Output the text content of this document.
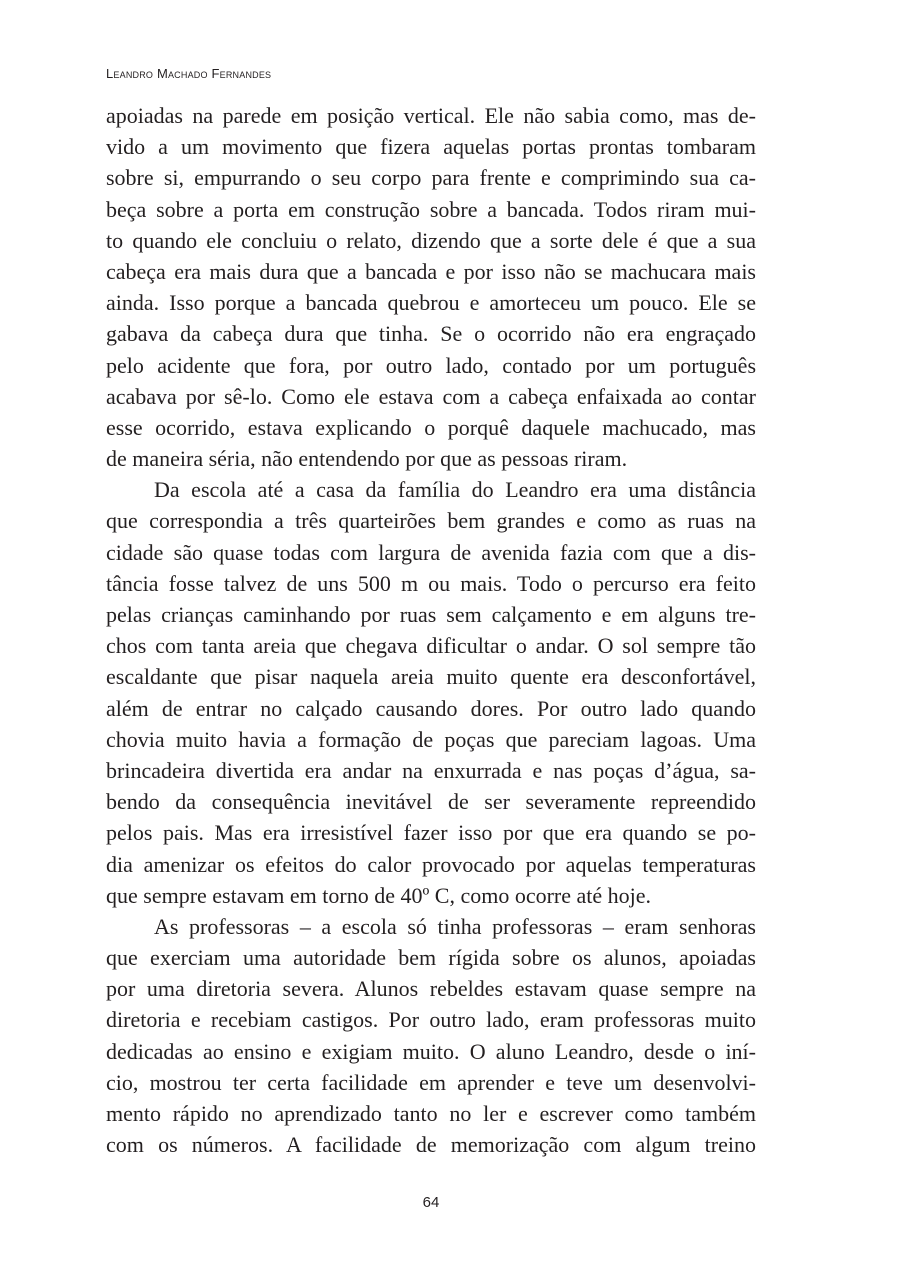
Leandro Machado Fernandes
apoiadas na parede em posição vertical. Ele não sabia como, mas de-
vido a um movimento que fizera aquelas portas prontas tombaram
sobre si, empurrando o seu corpo para frente e comprimindo sua ca-
beça sobre a porta em construção sobre a bancada. Todos riram mui-
to quando ele concluiu o relato, dizendo que a sorte dele é que a sua
cabeça era mais dura que a bancada e por isso não se machucara mais
ainda. Isso porque a bancada quebrou e amorteceu um pouco. Ele se
gabava da cabeça dura que tinha. Se o ocorrido não era engraçado
pelo acidente que fora, por outro lado, contado por um português
acabava por sê-lo. Como ele estava com a cabeça enfaixada ao contar
esse ocorrido, estava explicando o porquê daquele machucado, mas
de maneira séria, não entendendo por que as pessoas riram.
Da escola até a casa da família do Leandro era uma distância
que correspondia a três quarteirões bem grandes e como as ruas na
cidade são quase todas com largura de avenida fazia com que a dis-
tância fosse talvez de uns 500 m ou mais. Todo o percurso era feito
pelas crianças caminhando por ruas sem calçamento e em alguns tre-
chos com tanta areia que chegava dificultar o andar. O sol sempre tão
escaldante que pisar naquela areia muito quente era desconfortável,
além de entrar no calçado causando dores. Por outro lado quando
chovia muito havia a formação de poças que pareciam lagoas. Uma
brincadeira divertida era andar na enxurrada e nas poças d’água, sa-
bendo da consequência inevitável de ser severamente repreendido
pelos pais. Mas era irresistível fazer isso por que era quando se po-
dia amenizar os efeitos do calor provocado por aquelas temperaturas
que sempre estavam em torno de 40º C, como ocorre até hoje.
As professoras – a escola só tinha professoras – eram senhoras
que exerciam uma autoridade bem rígida sobre os alunos, apoiadas
por uma diretoria severa. Alunos rebeldes estavam quase sempre na
diretoria e recebiam castigos. Por outro lado, eram professoras muito
dedicadas ao ensino e exigiam muito. O aluno Leandro, desde o iní-
cio, mostrou ter certa facilidade em aprender e teve um desenvolvi-
mento rápido no aprendizado tanto no ler e escrever como também
com os números. A facilidade de memorização com algum treino
64
